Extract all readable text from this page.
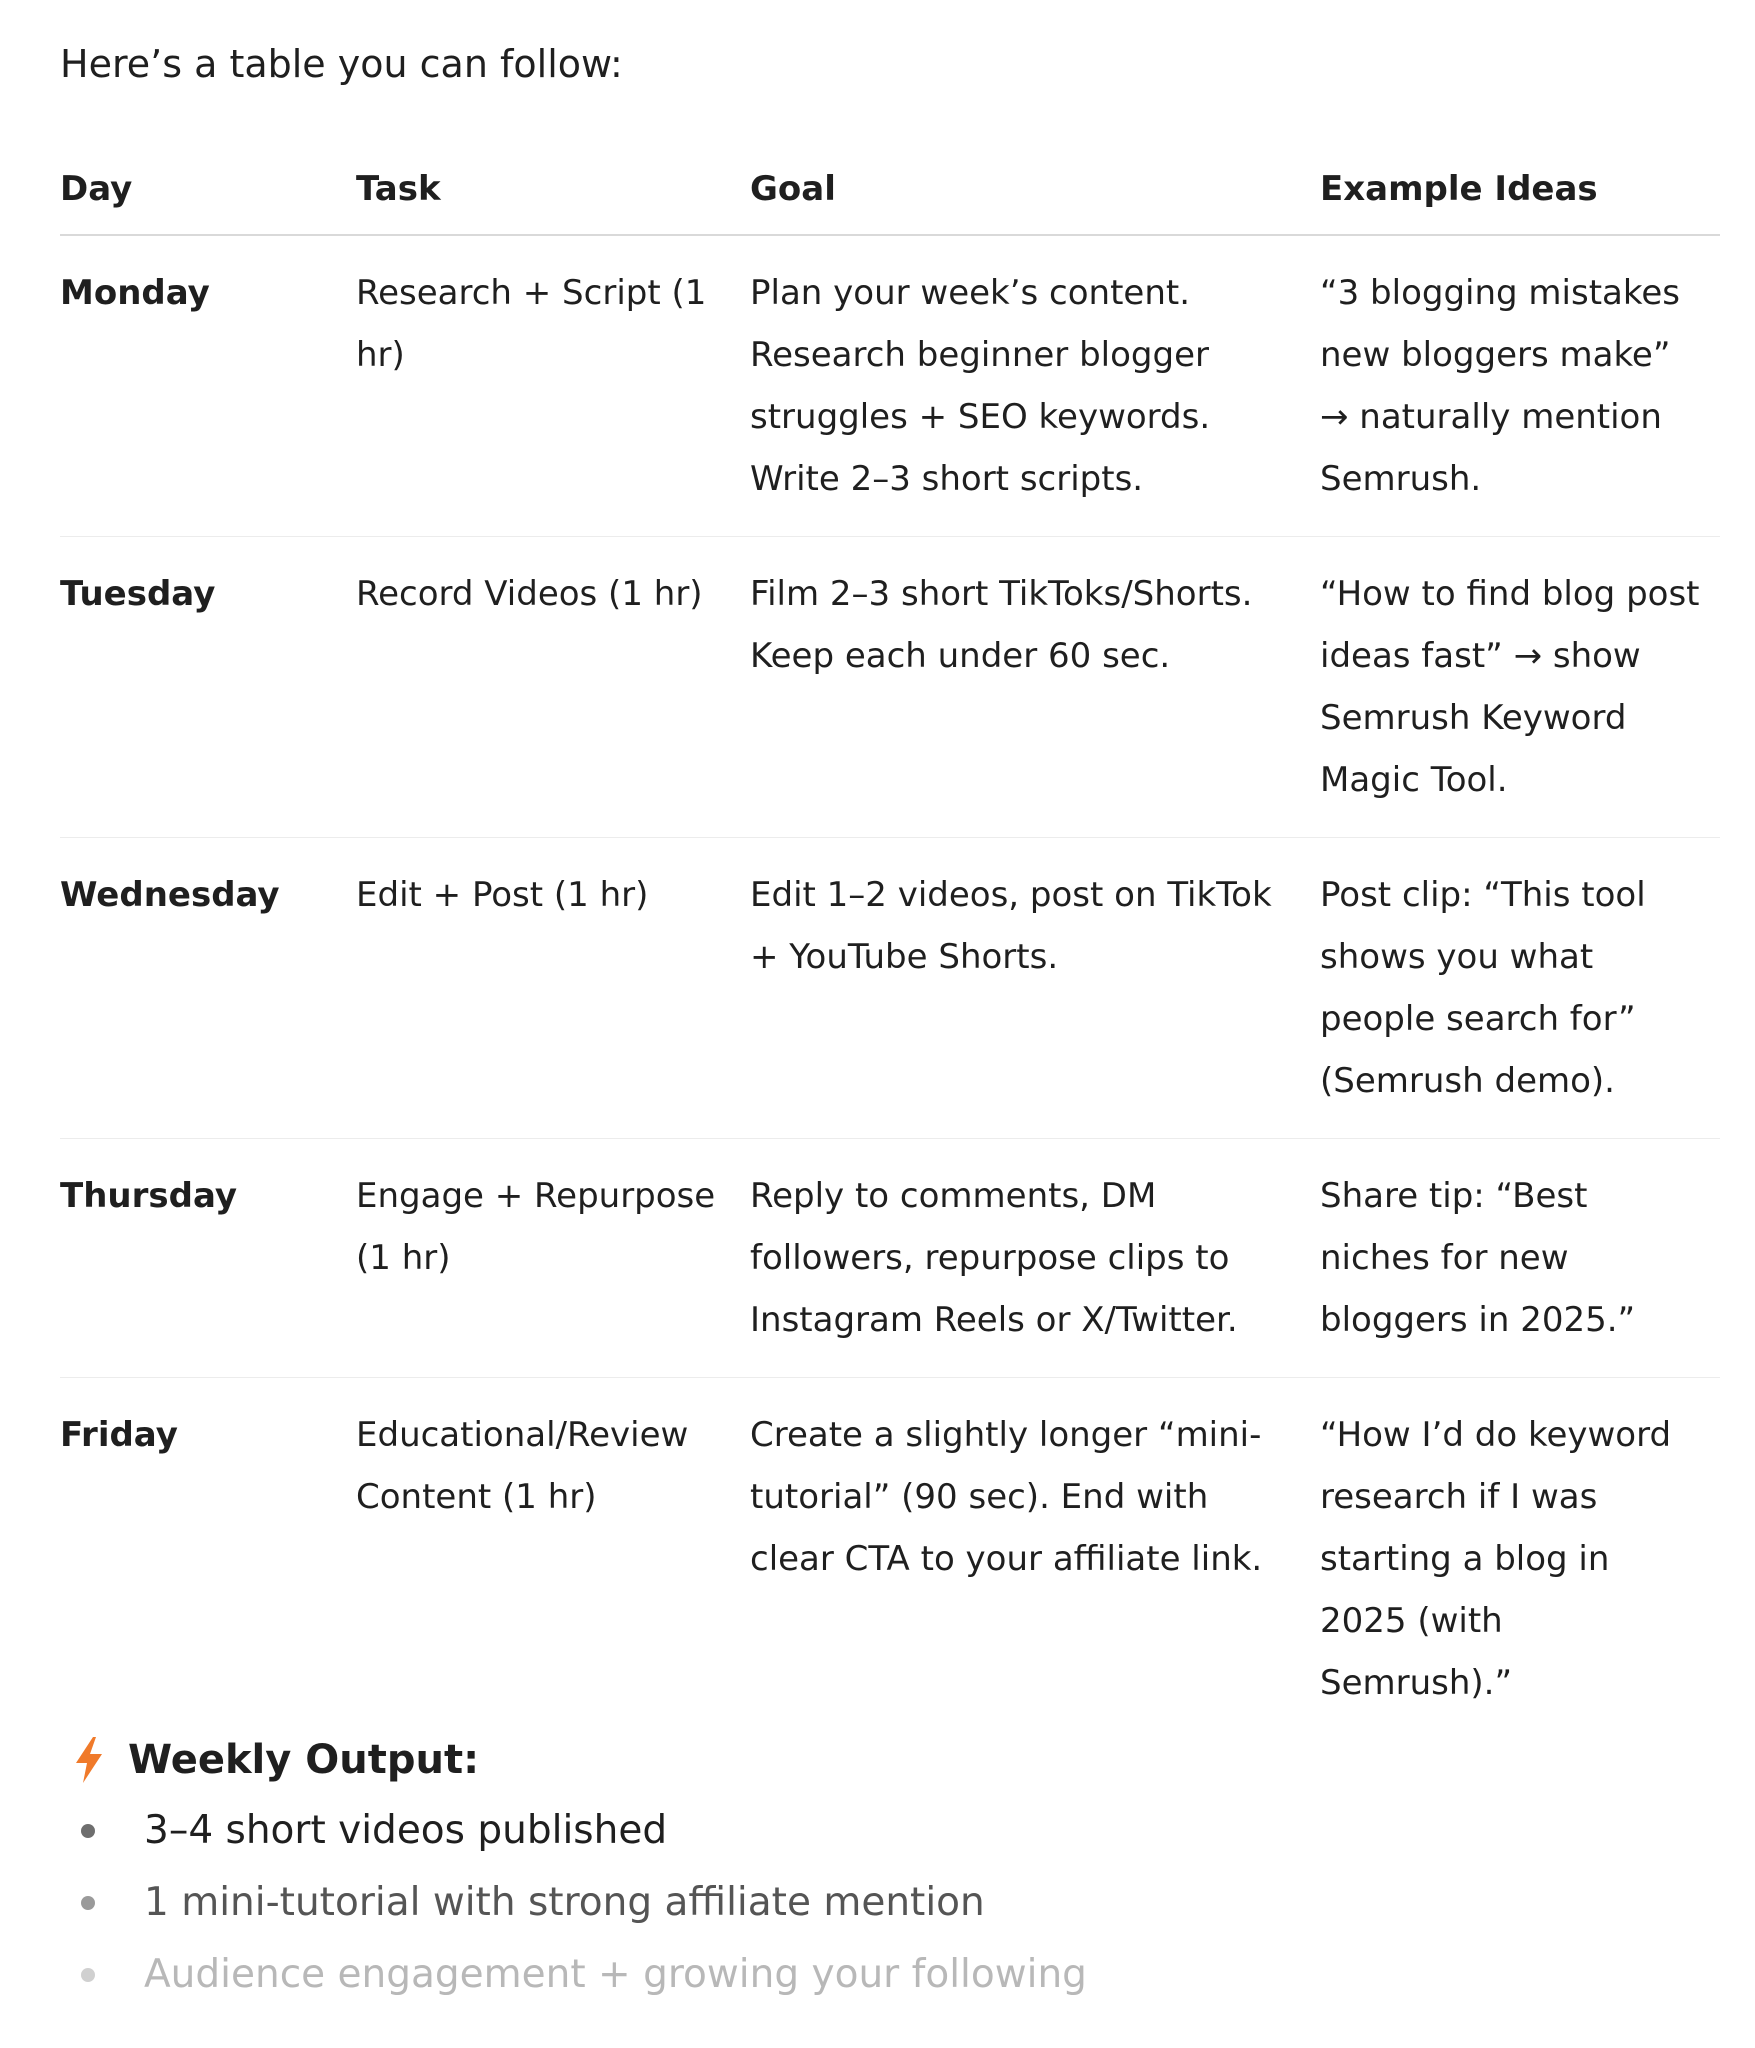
Here’s a table you can follow:

Day	Task	Goal	Example Ideas
Monday	Research + Script (1 hr)	Plan your week’s content. Research beginner blogger struggles + SEO keywords. Write 2–3 short scripts.	“3 blogging mistakes new bloggers make” → naturally mention Semrush.
Tuesday	Record Videos (1 hr)	Film 2–3 short TikToks/Shorts. Keep each under 60 sec.	“How to find blog post ideas fast” → show Semrush Keyword Magic Tool.
Wednesday	Edit + Post (1 hr)	Edit 1–2 videos, post on TikTok + YouTube Shorts.	Post clip: “This tool shows you what people search for” (Semrush demo).
Thursday	Engage + Repurpose (1 hr)	Reply to comments, DM followers, repurpose clips to Instagram Reels or X/Twitter.	Share tip: “Best niches for new bloggers in 2025.”
Friday	Educational/Review Content (1 hr)	Create a slightly longer “mini-tutorial” (90 sec). End with clear CTA to your affiliate link.	“How I’d do keyword research if I was starting a blog in 2025 (with Semrush).”
Weekly Output:
3–4 short videos published
1 mini-tutorial with strong affiliate mention
Audience engagement + growing your following
